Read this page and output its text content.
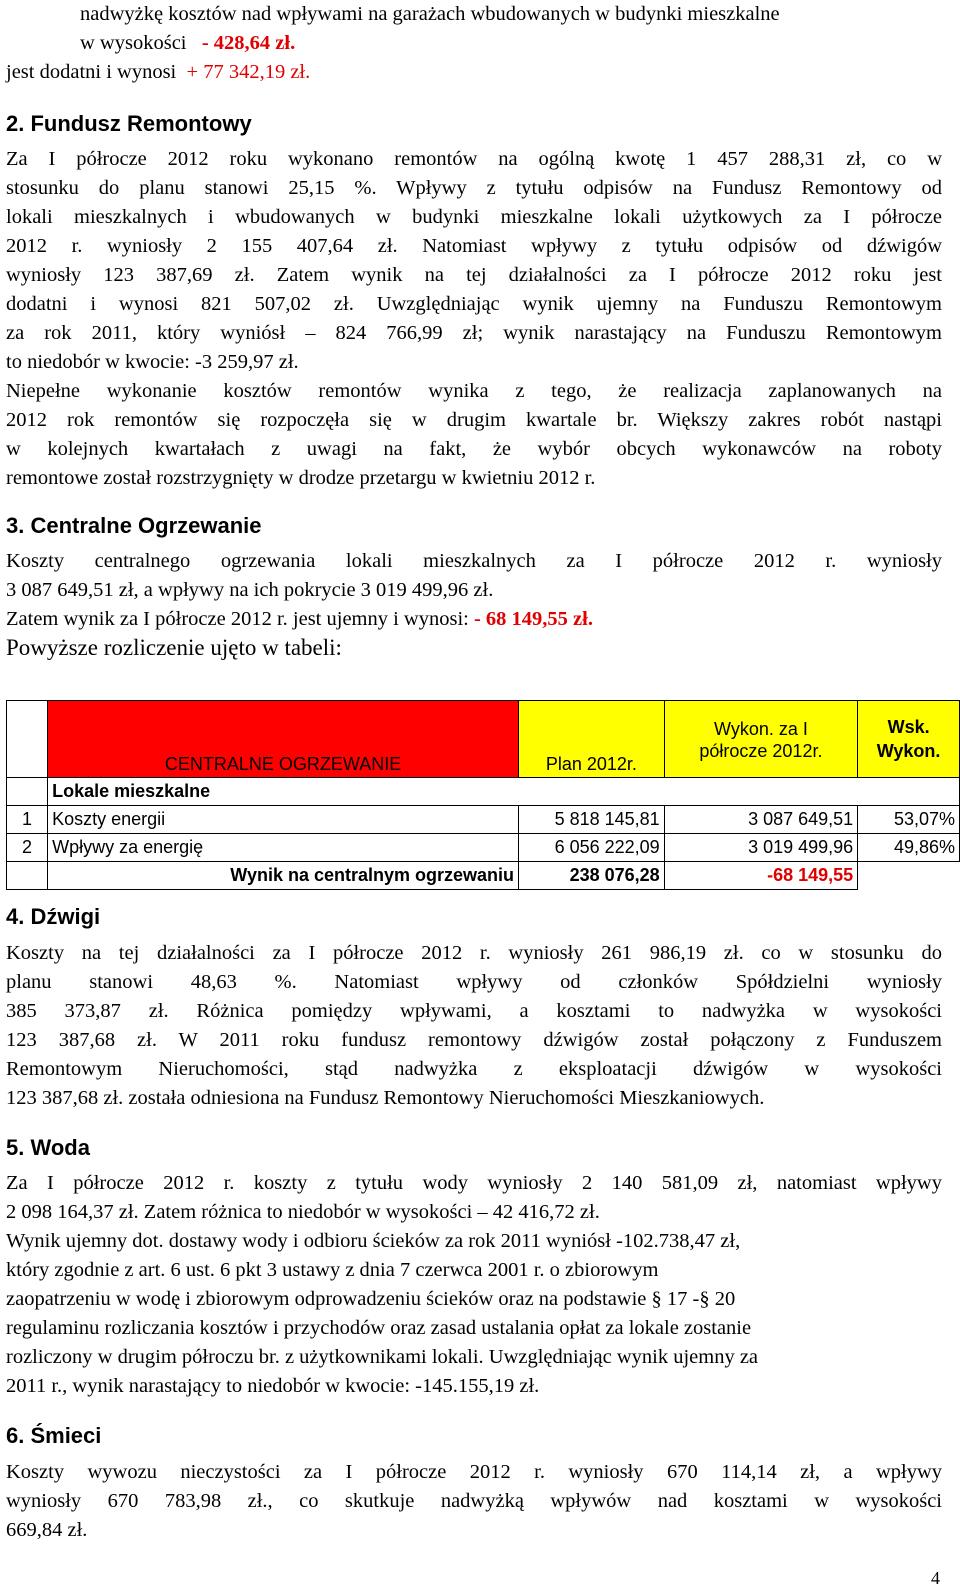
nadwyżkę kosztów nad wpływami na garażach wbudowanych w budynki mieszkalne
w wysokości - 428,64 zł.
jest dodatni i wynosi + 77 342,19 zł.
2. Fundusz Remontowy
Za I półrocze 2012 roku wykonano remontów na ogólną kwotę 1 457 288,31 zł, co w
stosunku do planu stanowi 25,15 %. Wpływy z tytułu odpisów na Fundusz Remontowy od
lokali mieszkalnych i wbudowanych w budynki mieszkalne lokali użytkowych za I półrocze
2012 r. wyniosły 2 155 407,64 zł. Natomiast wpływy z tytułu odpisów od dźwigów
wyniosły 123 387,69 zł. Zatem wynik na tej działalności za I półrocze 2012 roku jest
dodatni i wynosi 821 507,02 zł. Uwzględniając wynik ujemny na Funduszu Remontowym
za rok 2011, który wyniósł – 824 766,99 zł; wynik narastający na Funduszu Remontowym
to niedobór w kwocie: -3 259,97 zł.
Niepełne wykonanie kosztów remontów wynika z tego, że realizacja zaplanowanych na
2012 rok remontów się rozpoczęła się w drugim kwartale br. Większy zakres robót nastąpi
w kolejnych kwartałach z uwagi na fakt, że wybór obcych wykonawców na roboty
remontowe został rozstrzygnięty w drodze przetargu w kwietniu 2012 r.
3. Centralne Ogrzewanie
Koszty centralnego ogrzewania lokali mieszkalnych za I półrocze 2012 r. wyniosły
3 087 649,51 zł, a wpływy na ich pokrycie 3 019 499,96 zł.
Zatem wynik za I półrocze 2012 r. jest ujemny i wynosi: - 68 149,55 zł.
Powyższe rozliczenie ujęto w tabeli:
	CENTRALNE OGRZEWANIE	Plan 2012r.	Wykon. za I półrocze 2012r.	Wsk. Wykon.
	Lokale mieszkalne			
1	Koszty energii	5 818 145,81	3 087 649,51	53,07%
2	Wpływy za energię	6 056 222,09	3 019 499,96	49,86%
	Wynik na centralnym ogrzewaniu	238 076,28	-68 149,55	
4. Dźwigi
Koszty na tej działalności za I półrocze 2012 r. wyniosły 261 986,19 zł. co w stosunku do
planu stanowi 48,63 %. Natomiast wpływy od członków Spółdzielni wyniosły
385 373,87 zł. Różnica pomiędzy wpływami, a kosztami to nadwyżka w wysokości
123 387,68 zł. W 2011 roku fundusz remontowy dźwigów został połączony z Funduszem
Remontowym Nieruchomości, stąd nadwyżka z eksploatacji dźwigów w wysokości
123 387,68 zł. została odniesiona na Fundusz Remontowy Nieruchomości Mieszkaniowych.
5. Woda
Za I półrocze 2012 r. koszty z tytułu wody wyniosły 2 140 581,09 zł, natomiast wpływy
2 098 164,37 zł. Zatem różnica to niedobór w wysokości – 42 416,72 zł.
Wynik ujemny dot. dostawy wody i odbioru ścieków za rok 2011 wyniósł -102.738,47 zł,
który zgodnie z art. 6 ust. 6 pkt 3 ustawy z dnia 7 czerwca 2001 r. o zbiorowym
zaopatrzeniu w wodę i zbiorowym odprowadzeniu ścieków oraz na podstawie § 17 -§ 20
regulaminu rozliczania kosztów i przychodów oraz zasad ustalania opłat za lokale zostanie
rozliczony w drugim półroczu br. z użytkownikami lokali. Uwzględniając wynik ujemny za
2011 r., wynik narastający to niedobór w kwocie: -145.155,19 zł.
6. Śmieci
Koszty wywozu nieczystości za I półrocze 2012 r. wyniosły 670 114,14 zł, a wpływy
wyniosły 670 783,98 zł., co skutkuje nadwyżką wpływów nad kosztami w wysokości
669,84 zł.
4
